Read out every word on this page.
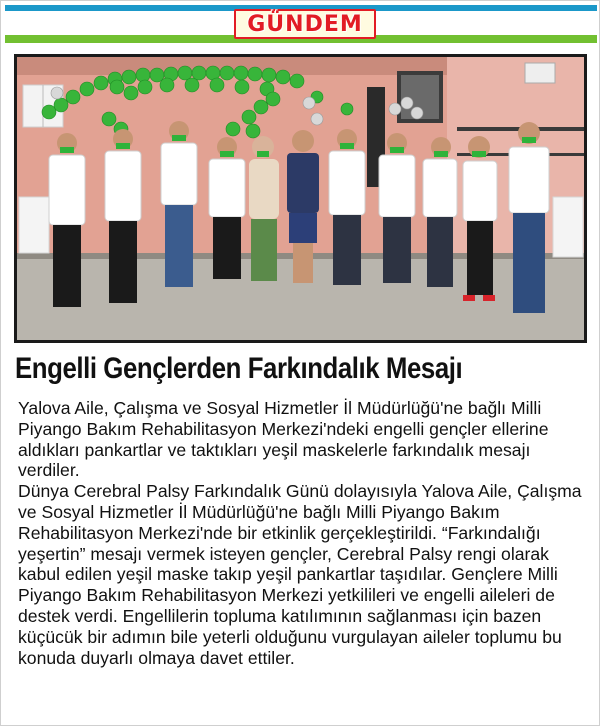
GÜNDEM
Engelli Gençlerden Farkındalık Mesajı

Yalova Aile, Çalışma ve Sosyal Hizmetler İl Müdürlüğü'ne bağlı Milli Piyango Bakım Rehabilitasyon Merkezi'ndeki engelli gençler ellerine aldıkları pankartlar ve taktıkları yeşil maskelerle farkındalık mesajı verdiler.

Dünya Cerebral Palsy Farkındalık Günü dolayısıyla Yalova Aile, Çalışma ve Sosyal Hizmetler İl Müdürlüğü'ne bağlı Milli Piyango Bakım Rehabilitasyon Merkezi'nde bir etkinlik gerçekleştirildi. “Farkındalığı yeşertin” mesajı vermek isteyen gençler, Cerebral Palsy rengi olarak kabul edilen yeşil maske takıp yeşil pankartlar taşıdılar. Gençlere Milli Piyango Bakım Rehabilitasyon Merkezi yetkilileri ve engelli aileleri de destek verdi. Engellilerin topluma katılımının sağlanması için bazen küçücük bir adımın bile yeterli olduğunu vurgulayan aileler toplumu bu konuda duyarlı olmaya davet ettiler.
